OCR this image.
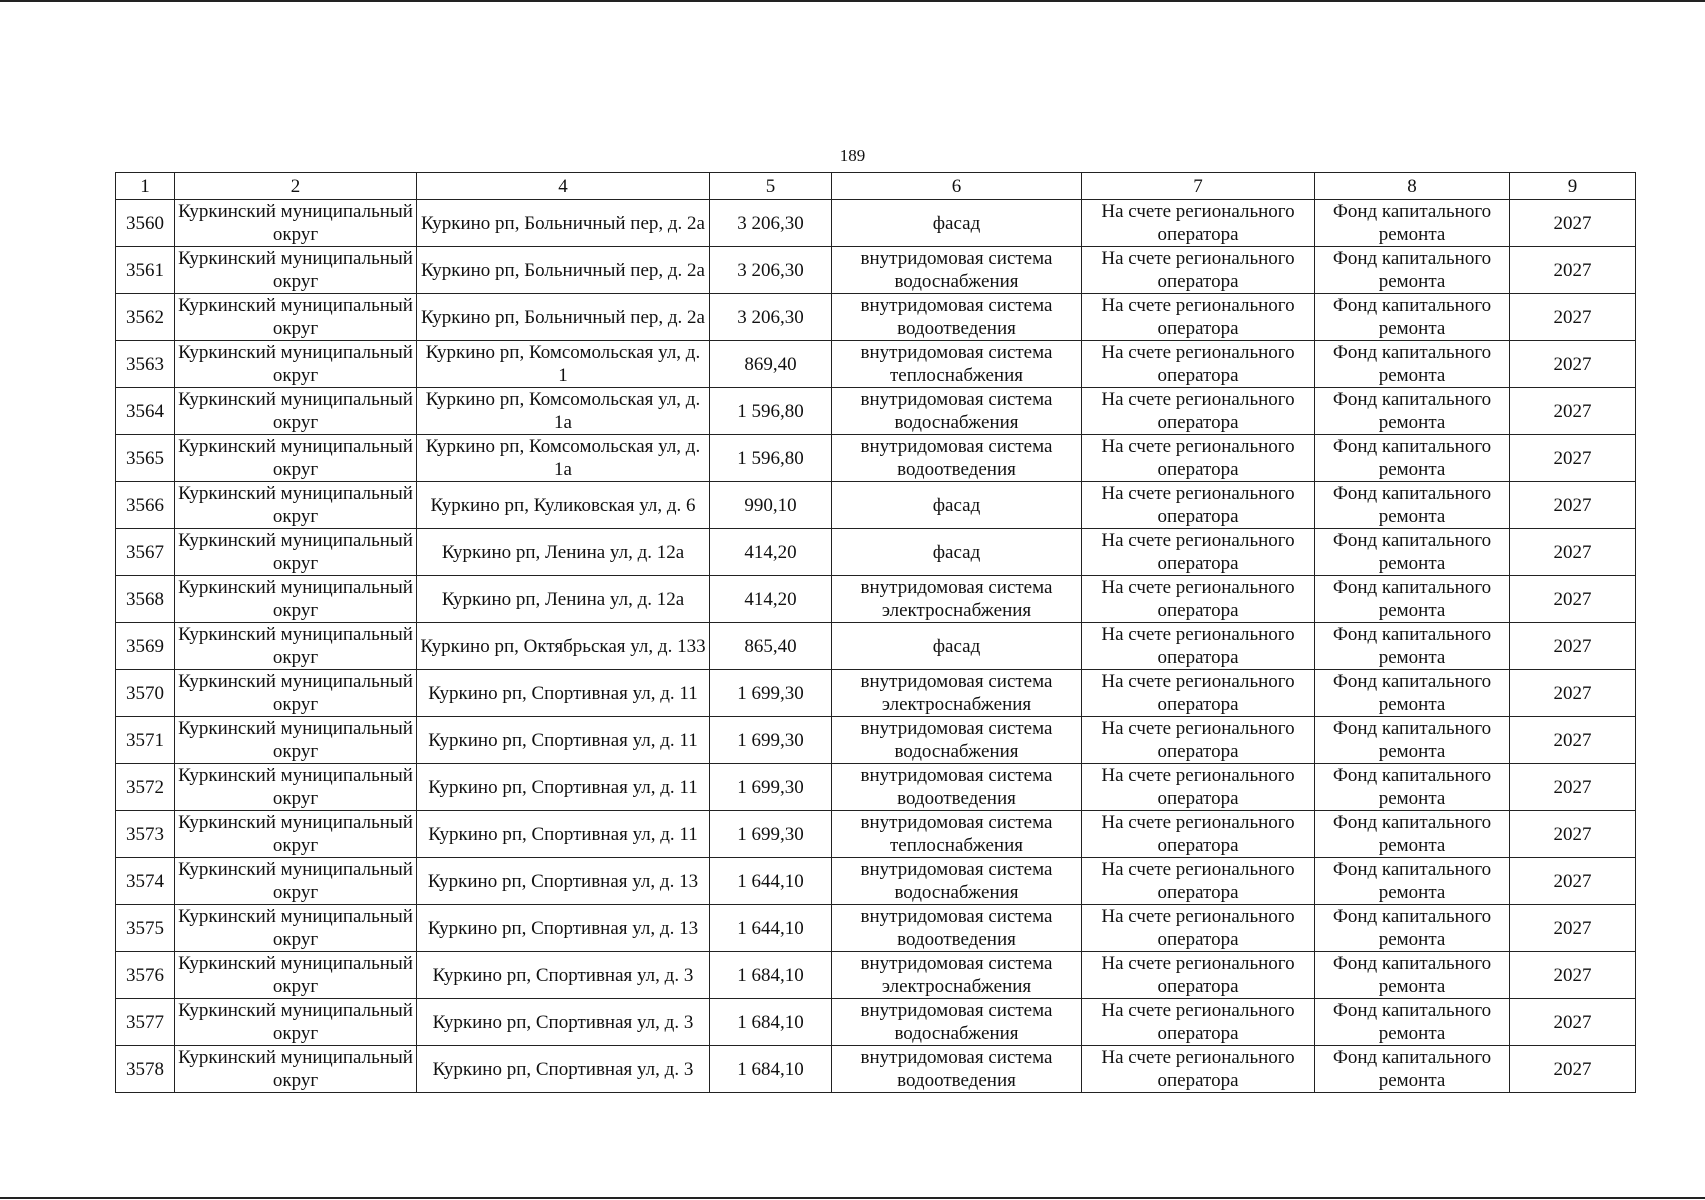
189
1	2	4	5	6	7	8	9
3560	Куркинский муниципальный округ	Куркино рп, Больничный пер, д. 2а	3 206,30	фасад	На счете регионального оператора	Фонд капитального ремонта	2027
3561	Куркинский муниципальный округ	Куркино рп, Больничный пер, д. 2а	3 206,30	внутридомовая система водоснабжения	На счете регионального оператора	Фонд капитального ремонта	2027
3562	Куркинский муниципальный округ	Куркино рп, Больничный пер, д. 2а	3 206,30	внутридомовая система водоотведения	На счете регионального оператора	Фонд капитального ремонта	2027
3563	Куркинский муниципальный округ	Куркино рп, Комсомольская ул, д. 1	869,40	внутридомовая система теплоснабжения	На счете регионального оператора	Фонд капитального ремонта	2027
3564	Куркинский муниципальный округ	Куркино рп, Комсомольская ул, д. 1а	1 596,80	внутридомовая система водоснабжения	На счете регионального оператора	Фонд капитального ремонта	2027
3565	Куркинский муниципальный округ	Куркино рп, Комсомольская ул, д. 1а	1 596,80	внутридомовая система водоотведения	На счете регионального оператора	Фонд капитального ремонта	2027
3566	Куркинский муниципальный округ	Куркино рп, Куликовская ул, д. 6	990,10	фасад	На счете регионального оператора	Фонд капитального ремонта	2027
3567	Куркинский муниципальный округ	Куркино рп, Ленина ул, д. 12а	414,20	фасад	На счете регионального оператора	Фонд капитального ремонта	2027
3568	Куркинский муниципальный округ	Куркино рп, Ленина ул, д. 12а	414,20	внутридомовая система электроснабжения	На счете регионального оператора	Фонд капитального ремонта	2027
3569	Куркинский муниципальный округ	Куркино рп, Октябрьская ул, д. 133	865,40	фасад	На счете регионального оператора	Фонд капитального ремонта	2027
3570	Куркинский муниципальный округ	Куркино рп, Спортивная ул, д. 11	1 699,30	внутридомовая система электроснабжения	На счете регионального оператора	Фонд капитального ремонта	2027
3571	Куркинский муниципальный округ	Куркино рп, Спортивная ул, д. 11	1 699,30	внутридомовая система водоснабжения	На счете регионального оператора	Фонд капитального ремонта	2027
3572	Куркинский муниципальный округ	Куркино рп, Спортивная ул, д. 11	1 699,30	внутридомовая система водоотведения	На счете регионального оператора	Фонд капитального ремонта	2027
3573	Куркинский муниципальный округ	Куркино рп, Спортивная ул, д. 11	1 699,30	внутридомовая система теплоснабжения	На счете регионального оператора	Фонд капитального ремонта	2027
3574	Куркинский муниципальный округ	Куркино рп, Спортивная ул, д. 13	1 644,10	внутридомовая система водоснабжения	На счете регионального оператора	Фонд капитального ремонта	2027
3575	Куркинский муниципальный округ	Куркино рп, Спортивная ул, д. 13	1 644,10	внутридомовая система водоотведения	На счете регионального оператора	Фонд капитального ремонта	2027
3576	Куркинский муниципальный округ	Куркино рп, Спортивная ул, д. 3	1 684,10	внутридомовая система электроснабжения	На счете регионального оператора	Фонд капитального ремонта	2027
3577	Куркинский муниципальный округ	Куркино рп, Спортивная ул, д. 3	1 684,10	внутридомовая система водоснабжения	На счете регионального оператора	Фонд капитального ремонта	2027
3578	Куркинский муниципальный округ	Куркино рп, Спортивная ул, д. 3	1 684,10	внутридомовая система водоотведения	На счете регионального оператора	Фонд капитального ремонта	2027
